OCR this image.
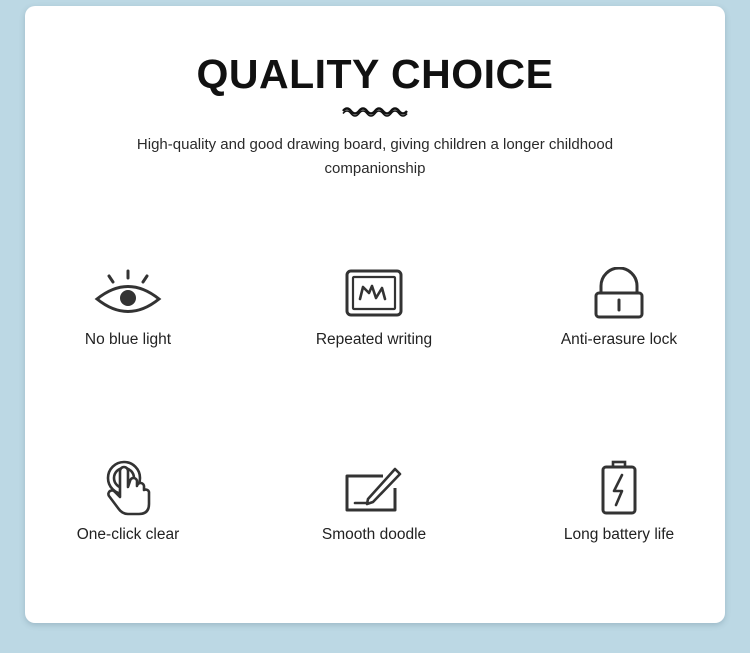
QUALITY CHOICE
High-quality and good drawing board, giving children a longer childhood companionship
No blue light	Repeated writing	Anti-erasure lock
One-click clear	Smooth doodle	Long battery life
